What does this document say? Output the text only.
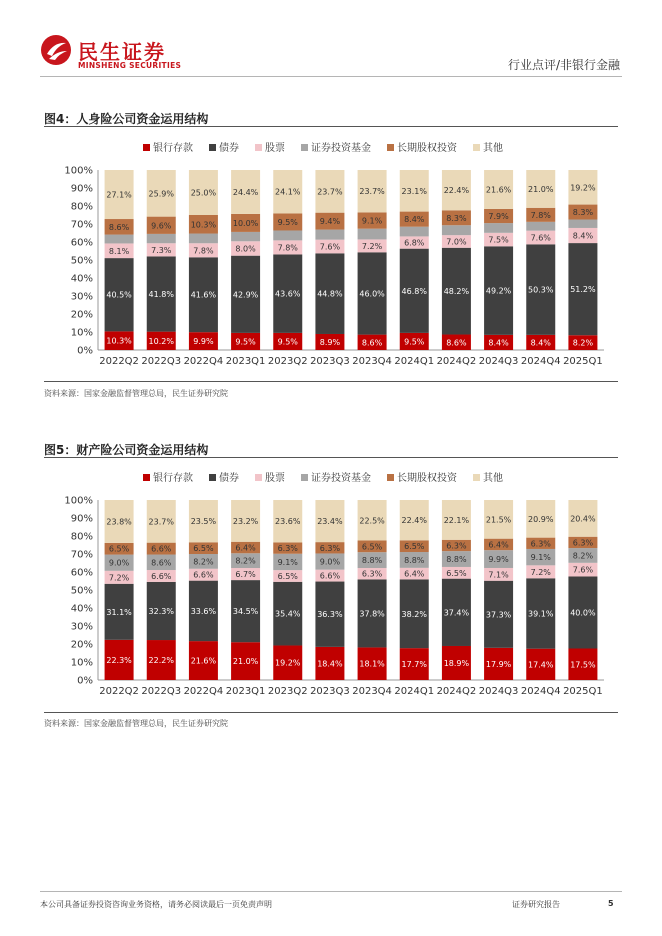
民生证券
MINSHENG SECURITIES	行业点评/非银行金融
图4：人身险公司资金运用结构
银行存款	债券	股票	证券投资基金	长期股权投资	其他
0%
10%
20%
30%
40%
50%
60%
70%
80%
90%
100%
10.3%
40.5%
8.1%
8.6%
27.1%
2022Q2
10.2%
41.8%
7.3%
9.6%
25.9%
2022Q3
9.9%
41.6%
7.8%
10.3%
25.0%
2022Q4
9.5%
42.9%
8.0%
10.0%
24.4%
2023Q1
9.5%
43.6%
7.8%
9.5%
24.1%
2023Q2
8.9%
44.8%
7.6%
9.4%
23.7%
2023Q3
8.6%
46.0%
7.2%
9.1%
23.7%
2023Q4
9.5%
46.8%
6.8%
8.4%
23.1%
2024Q1
8.6%
48.2%
7.0%
8.3%
22.4%
2024Q2
8.4%
49.2%
7.5%
7.9%
21.6%
2024Q3
8.4%
50.3%
7.6%
7.8%
21.0%
2024Q4
8.2%
51.2%
8.4%
8.3%
19.2%
2025Q1
资料来源：国家金融监督管理总局，民生证券研究院
图5：财产险公司资金运用结构
银行存款	债券	股票	证券投资基金	长期股权投资	其他
0%
10%
20%
30%
40%
50%
60%
70%
80%
90%
100%
22.3%
31.1%
7.2%
9.0%
6.5%
23.8%
2022Q2
22.2%
32.3%
6.6%
8.6%
6.6%
23.7%
2022Q3
21.6%
33.6%
6.6%
8.2%
6.5%
23.5%
2022Q4
21.0%
34.5%
6.7%
8.2%
6.4%
23.2%
2023Q1
19.2%
35.4%
6.5%
9.1%
6.3%
23.6%
2023Q2
18.4%
36.3%
6.6%
9.0%
6.3%
23.4%
2023Q3
18.1%
37.8%
6.3%
8.8%
6.5%
22.5%
2023Q4
17.7%
38.2%
6.4%
8.8%
6.5%
22.4%
2024Q1
18.9%
37.4%
6.5%
8.8%
6.3%
22.1%
2024Q2
17.9%
37.3%
7.1%
9.9%
6.4%
21.5%
2024Q3
17.4%
39.1%
7.2%
9.1%
6.3%
20.9%
2024Q4
17.5%
40.0%
7.6%
8.2%
6.3%
20.4%
2025Q1
资料来源：国家金融监督管理总局，民生证券研究院
本公司具备证券投资咨询业务资格，请务必阅读最后一页免责声明	证券研究报告	5
